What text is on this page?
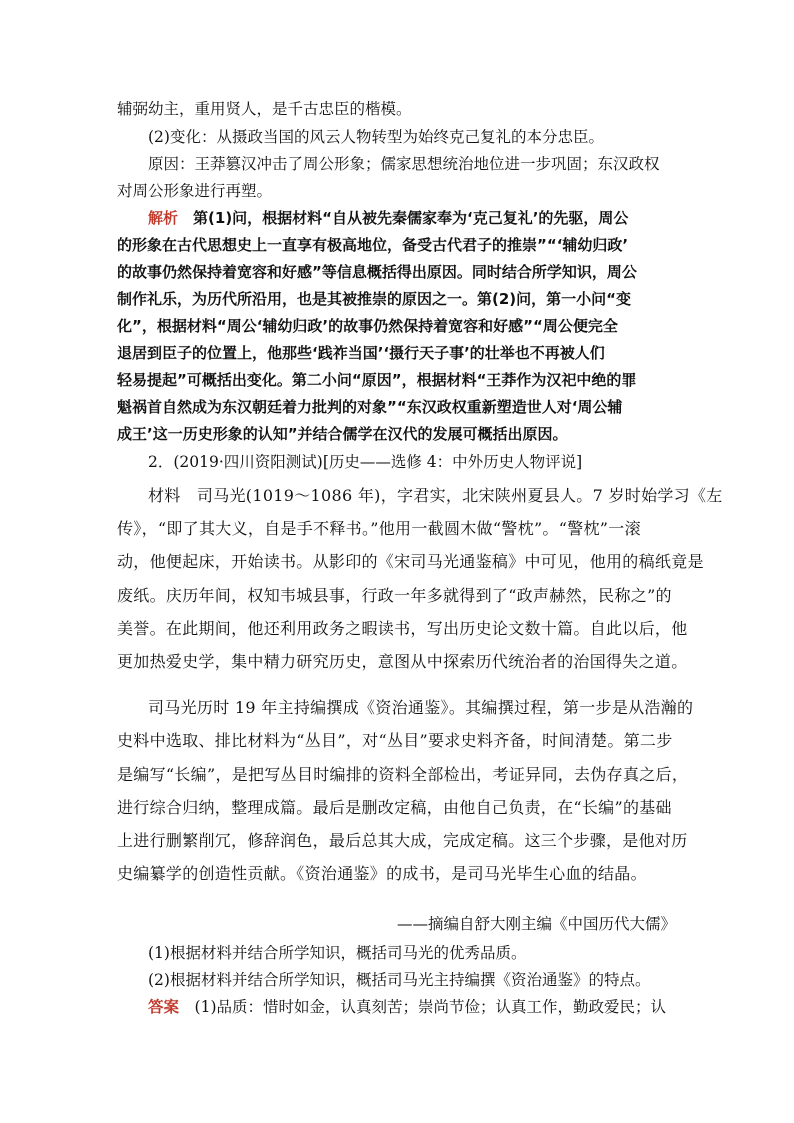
辅弼幼主，重用贤人，是千古忠臣的楷模。
(2)变化：从摄政当国的风云人物转型为始终克己复礼的本分忠臣。
原因：王莽篡汉冲击了周公形象；儒家思想统治地位进一步巩固；东汉政权
对周公形象进行再塑。
解析　 第(1)问，根据材料“自从被先秦儒家奉为‘克己复礼’的先驱，周公
的形象在古代思想史上一直享有极高地位，备受古代君子的推崇”“‘辅幼归政’
的故事仍然保持着宽容和好感”等信息概括得出原因。同时结合所学知识，周公
制作礼乐，为历代所沿用，也是其被推崇的原因之一。第(2)问，第一小问“变
化”，根据材料“周公‘辅幼归政’的故事仍然保持着宽容和好感”“周公便完全
退居到臣子的位置上，他那些‘践祚当国’‘摄行天子事’的壮举也不再被人们
轻易提起”可概括出变化。第二小问“原因”，根据材料“王莽作为汉祀中绝的罪
魁祸首自然成为东汉朝廷着力批判的对象”“东汉政权重新塑造世人对‘周公辅
成王’这一历史形象的认知”并结合儒学在汉代的发展可概括出原因。
2．(2019·四川资阳测试)[历史——选修 4：中外历史人物评说]
材料　司马光(1019～1086 年)，字君实，北宋陕州夏县人。7 岁时始学习《左
传》，“即了其大义，自是手不释书。”他用一截圆木做“警枕”。“警枕”一滚
动，他便起床，开始读书。从影印的《宋司马光通鉴稿》中可见，他用的稿纸竟是
废纸。庆历年间，权知韦城县事，行政一年多就得到了“政声赫然，民称之”的
美誉。在此期间，他还利用政务之暇读书，写出历史论文数十篇。自此以后，他
更加热爱史学，集中精力研究历史，意图从中探索历代统治者的治国得失之道。
司马光历时 19 年主持编撰成《资治通鉴》。其编撰过程，第一步是从浩瀚的
史料中选取、排比材料为“丛目”，对“丛目”要求史料齐备，时间清楚。第二步
是编写“长编”，是把写丛目时编排的资料全部检出，考证异同，去伪存真之后，
进行综合归纳，整理成篇。最后是删改定稿，由他自己负责，在“长编”的基础
上进行删繁削冗，修辞润色，最后总其大成，完成定稿。这三个步骤，是他对历
史编纂学的创造性贡献。《资治通鉴》的成书，是司马光毕生心血的结晶。
——摘编自舒大刚主编《中国历代大儒》
(1)根据材料并结合所学知识，概括司马光的优秀品质。
(2)根据材料并结合所学知识，概括司马光主持编撰《资治通鉴》的特点。
答案　 (1)品质：惜时如金，认真刻苦；崇尚节俭；认真工作，勤政爱民；认
